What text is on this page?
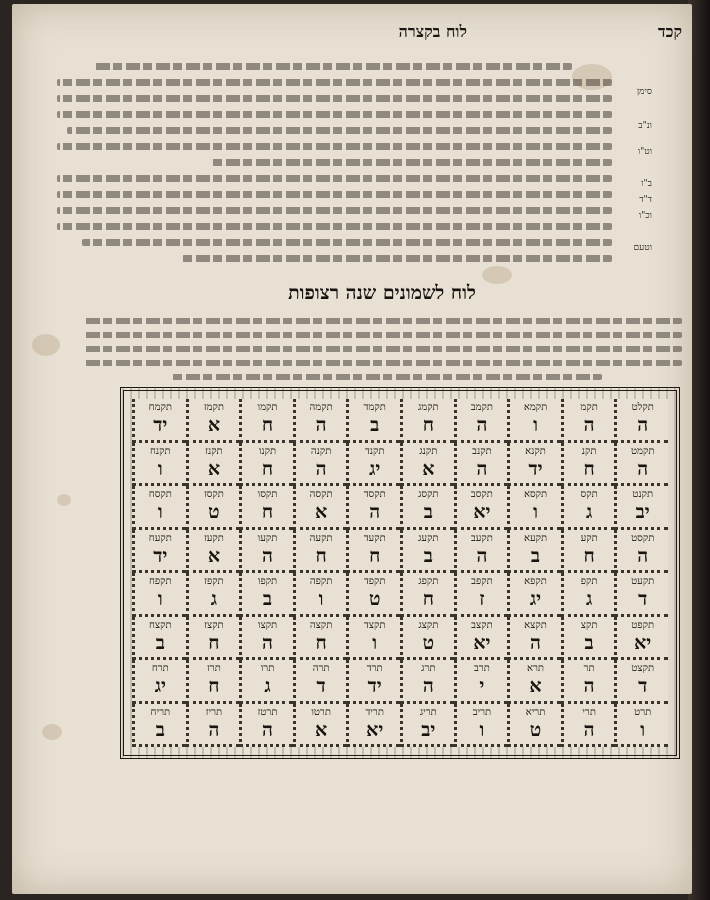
לוח בקצרה	קכד
סימן
ונ"ב
וט"ו
ב"ו
ד"ד
וכ"ו
וטעם
לוח לשמונים שנה רצופות
תקלט
ה
תקמ
ה
תקמא
ו
תקמב
ה
תקמג
ח
תקמד
ב
תקמה
ה
תקמו
ח
תקמז
א
תקמח
יד
תקמט
ה
תקנ
ח
תקנא
יד
תקנב
ה
תקנג
א
תקנד
יג
תקנה
ה
תקנו
ח
תקנז
א
תקנח
ו
תקנט
יב
תקס
ג
תקסא
ו
תקסב
יא
תקסג
ב
תקסד
ה
תקסה
א
תקסו
ח
תקסז
ט
תקסח
ו
תקסט
ה
תקע
ח
תקעא
ב
תקעב
ה
תקעג
ב
תקעד
ח
תקעה
ח
תקעו
ה
תקעז
א
תקעח
יד
תקעט
ד
תקפ
ג
תקפא
יג
תקפב
ז
תקפג
ח
תקפד
ט
תקפה
ו
תקפו
ב
תקפז
ג
תקפח
ו
תקפט
יא
תקצ
ב
תקצא
ה
תקצב
יא
תקצג
ט
תקצד
ו
תקצה
ח
תקצו
ה
תקצז
ח
תקצח
ב
תקצט
ד
תר
ה
תרא
א
תרב
י
תרג
ה
תרד
יד
תרה
ד
תרו
ג
תרז
ח
תרח
יג
תרט
ו
תרי
ה
תריא
ט
תריב
ו
תריג
יב
תריד
יא
תרטו
א
תרטז
ה
תריז
ה
תריח
ב
